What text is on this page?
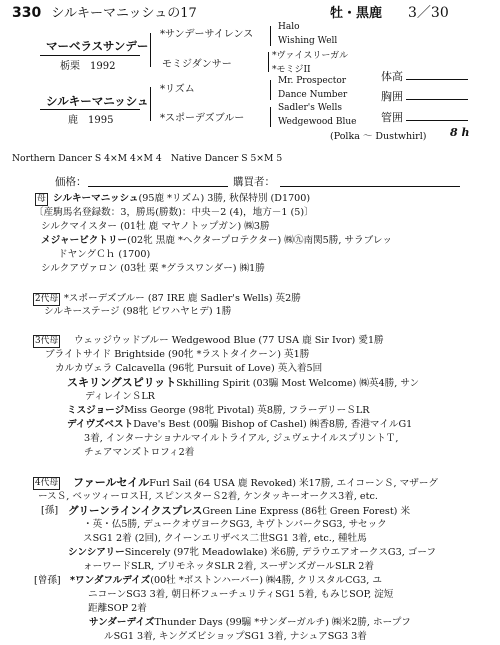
330 シルキーマニッシュの17	牡・黒鹿 3／30
マーベラスサンデー
栃栗　1992
*サンデーサイレンス
モミジダンサー
Halo
Wishing Well
*ヴァイスリーガル
*モミジII
シルキーマニッシュ
鹿　1995
*リズム
*スポーデズブルー
Mr. Prospector
Dance Number
Sadler's Wells
Wedgewood Blue
体高
胸囲
管囲
(Polka ～ Dustwhirl) 8 h
Northern Dancer S 4×M 4×M 4　Native Dancer S 5×M 5
価格：	購買者：
母 シルキーマニッシュ(95鹿 *リズム) 3勝, 秋保特別 (D1700)
〔産駒馬名登録数：3，勝馬(勝数)：中央－2 (4)，地方－1 (5)〕
シルクマイスター (01牡 鹿 マヤノトップガン) ㈱3勝
メジャービクトリー(02牝 黒鹿 *ヘクタープロテクター) ㈱㊈南関5勝, サラブレッ
ドヤングＣｈ (1700)
シルクアヴァロン (03牡 栗 *グラスワンダー) ㈱1勝
2代母 *スポーデズブルー (87 IRE 鹿 Sadler's Wells) 英2勝
シルキーステージ (98牝 ビワハヤヒデ) 1勝
3代母 ウェッジウッドブルー Wedgewood Blue (77 USA 鹿 Sir Ivor) 愛1勝
ブライトサイド Brightside (90牝 *ラストタイクーン) 英1勝
カルカヴェラ Calcavella (96牝 Pursuit of Love) 英入着5回
スキリングスピリットSkhilling Spirit (03騸 Most Welcome) ㈱英4勝, サン
ディレインＳLR
ミスジョージMiss George (98牝 Pivotal) 英8勝, フラーデリーＳLR
デイヴズベストDave's Best (00騸 Bishop of Cashel) ㈱香8勝, 香港マイルG1
3着, インターナショナルマイルトライアル, ジュヴェナイルスプリントＴ,
チェアマンズトロフィ2着
4代母 ファールセイルFurl Sail (64 USA 鹿 Revoked) 米17勝, エイコーンＳ, マザーグ
ースＳ, ベッツィーロスＨ, スピンスターＳ2着, ケンタッキーオークス3着, etc.
[孫] グリーンラインイクスプレスGreen Line Express (86牡 Green Forest) 米
・英・仏5勝, デュークオヴヨークSG3, キヴトンパークSG3, サセック
スSG1 2着 (2回), クイーンエリザベス二世SG1 3着, etc., 種牡馬
シンシアリーSincerely (97牝 Meadowlake) 米6勝, デラウエアオークスG3, ゴーフ
ォーワードSLR, ブリモネッタSLR 2着, スーザンズガールSLR 2着
[曾孫] *ワンダフルデイズ(00牡 *ボストンハーバー) ㈱4勝, クリスタルCG3, ユ
ニコーンSG3 3着, 朝日杯フューチュリティSG1 5着, もみじSOP, 淀短
距離SOP 2着
サンダーデイズThunder Days (99騸 *サンダーガルチ) ㈱米2勝, ホープフ
ルSG1 3着, キングズビショップSG1 3着, ナシュアSG3 3着
